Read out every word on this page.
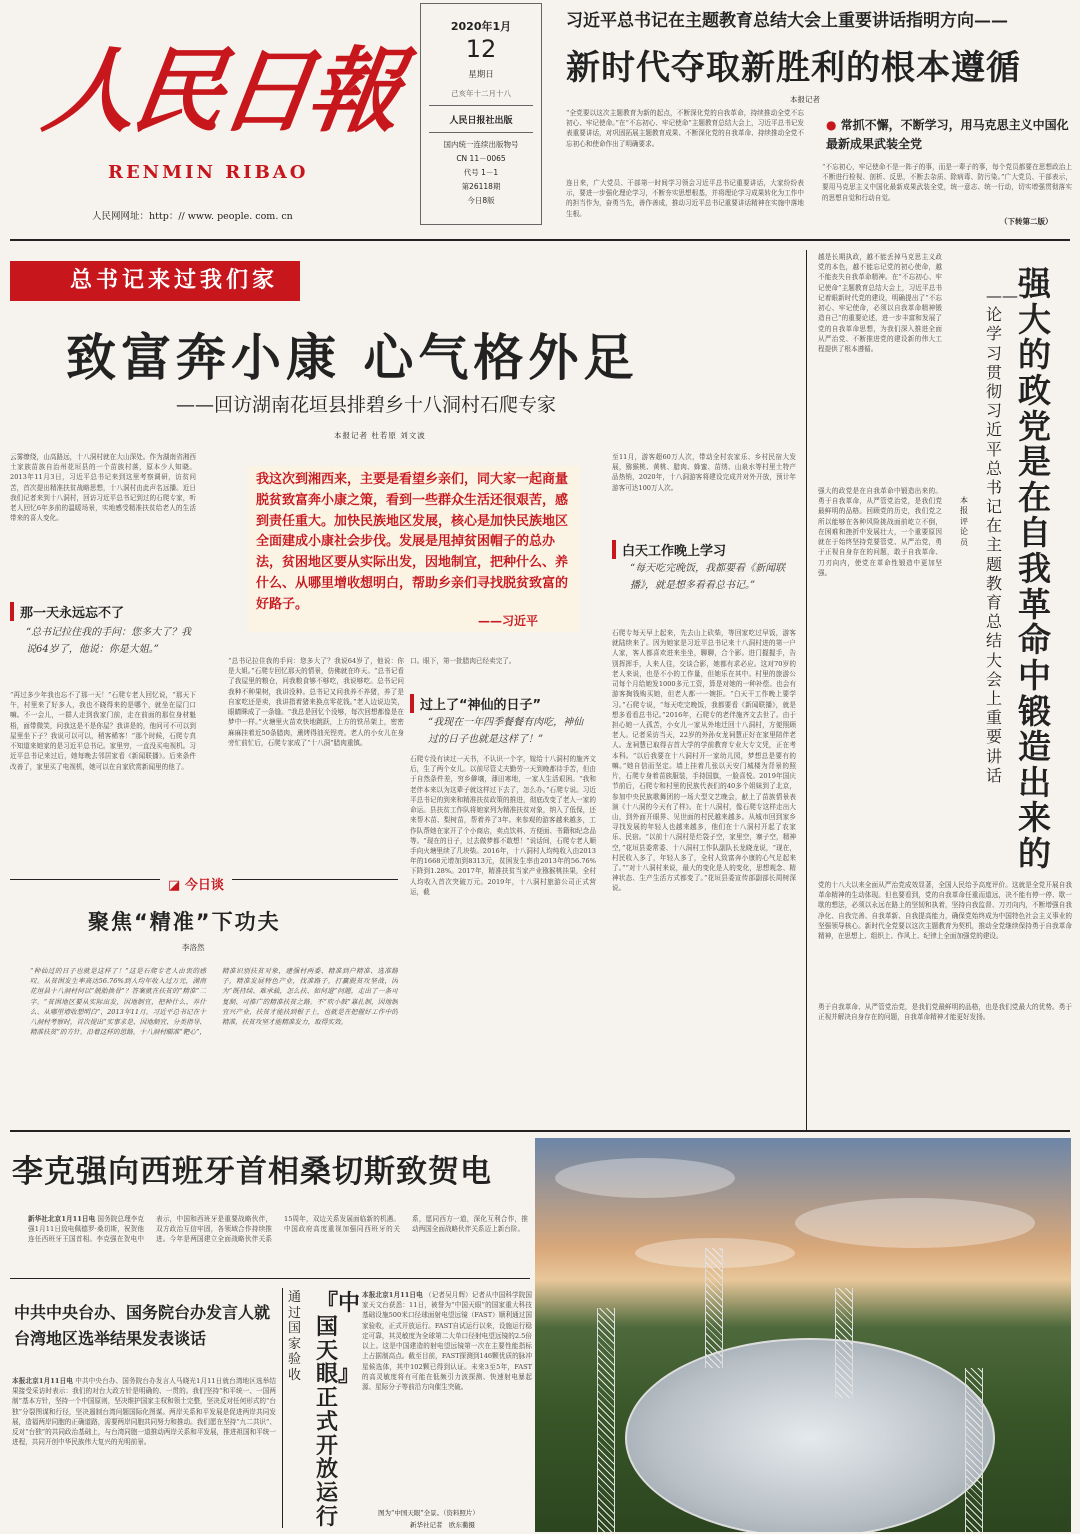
人民日報
RENMIN RIBAO
人民网网址：http：// www. people. com. cn
2020年1月
12
星期日
己亥年十二月十八
人民日报社出版
国内统一连续出版物号
CN 11－0065
代号 1－1
第26118期
今日8版
习近平总书记在主题教育总结大会上重要讲话指明方向——
新时代夺取新胜利的根本遵循
本报记者
“全党要以这次主题教育为新的起点，不断深化党的自我革命，持续推动全党不忘初心、牢记使命。”在“不忘初心、牢记使命”主题教育总结大会上，习近平总书记发表重要讲话，对巩固拓展主题教育成果、不断深化党的自我革命、持续推动全党不忘初心和使命作出了明确要求。
连日来，广大党员、干部第一时间学习领会习近平总书记重要讲话，大家纷纷表示，要进一步强化理论学习，不断夯实思想根基，并将理论学习成果转化为工作中的担当作为，奋勇当先，善作善成，推动习近平总书记重要讲话精神在实施中落地生根。
● 常抓不懈，不断学习，用马克思主义中国化最新成果武装全党
“不忘初心，牢记使命不是一阵子的事，而是一辈子的事，每个党员都要在思想政治上不断进行检视、剖析、反思，不断去杂质、除病毒、防污染。”广大党员、干部表示，要用马克思主义中国化最新成果武装全党，统一意志、统一行动，切实增强贯彻落实的思想自觉和行动自觉。
（下转第二版）
总书记来过我们家
致富奔小康 心气格外足
——回访湖南花垣县排碧乡十八洞村石爬专家
本报记者 杜若原 刘文波
云雾缭绕，山高路远，十八洞村就在大山深处。作为湖南省湘西土家族苗族自治州花垣县的一个苗族村落，原本少人知晓。2013年11月3日，习近平总书记来到这里考察调研，访贫问苦，首次提出精准扶贫战略思想，十八洞村由此声名远播。近日我们记者来到十八洞村，回访习近平总书记到过的石爬专家，听老人回忆6年多前的温暖场景，实地感受精准扶贫给老人的生活带来的喜人变化。
那一天永远忘不了
“总书记拉住我的手问：您多大了？我说64岁了，他说：你是大姐。”
“再过多少年我也忘不了那一天！”石爬专老人回忆说，“那天下午，村里来了好多人，我也不晓得来的是哪个，就坐在屋门口嘛。不一会儿，一群人走到我家门前，走在前面的那位身材魁梧，面带微笑，问我这是不是你屋？我讲是的，他问可不可以到屋里坐下子？我说可以可以，稍客稀客！”那个时候，石爬专真不知道来她家的是习近平总书记。家里穷，一直没买电视机。习近平总书记来过后，她每晚去邻居家看《新闻联播》。后来条件改善了，家里买了电视机，她可以在自家欣赏新闻里的他了。
我这次到湘西来，主要是看望乡亲们，同大家一起商量脱贫致富奔小康之策，看到一些群众生活还很艰苦，感到责任重大。加快民族地区发展，核心是加快民族地区全面建成小康社会步伐。发展是甩掉贫困帽子的总办法，贫困地区要从实际出发，因地制宜，把种什么、养什么、从哪里增收想明白，帮助乡亲们寻找脱贫致富的好路子。
——习近平
“总书记拉住我的手问：您多大了？我说64岁了，他说：你是大姐。”石爬专回忆那天的情景，仿佛就在昨天。“总书记看了我屋里的粮仓，问我粮食够不够吃，我说够吃。总书记问我种不种果树，我讲没种。总书记又问我养不养猪，养了是自家吃还是卖，我讲指着猪来换点零花钱。”老人边说边笑，眼睛眯成了一条缝。“我总是回忆个没够，每次回想都像是在梦中一样。”火塘里火苗欢快地跳跃，上方的铁吊架上，密密麻麻挂着近50条腊肉，熏烤得油光锃亮。老人的小女儿在身旁忙前忙后，石爬专家成了“十八洞”腊肉重镇。
口。眼下，第一批腊肉已经卖完了。
过上了“神仙的日子”
“我现在一年四季餐餐有肉吃，神仙过的日子也就是这样了！”
石爬专没有读过一天书，不认识一个字，嫁给十八洞村的施齐文后，生了两个女儿。以前尽管丈夫勤劳一天到晚都待手苦，但由于自然条件差，穷乡僻壤，薄田寒地，一家人生活艰困。“我和老伴本来以为这辈子就这样过下去了，怎么办。”石爬专说。习近平总书记的到来和精准扶贫政策的推进，彻底改变了老人一家的命运。县扶贫工作队将她家列为精准扶贫对象，纳入了低保，还来帮木苗、梨树苗，帮着养了3年。来参观的游客越来越多，工作队帮她在家开了个小商店，卖点饮料、方便面、书籍和纪念品等。“现在的日子，过去做梦都不敢想！”说话间，石爬专老人顺手向火塘里续了几块柴。2016年，十八洞村人均纯收入由2013年的1668元增加到8313元，贫困发生率由2013年的56.76%下降到1.28%。2017年，精准扶贫当家产业猕猴桃挂果，全村人均收入首次突破万元。2019年，十八洞村旅游公司正式营运，截
至11月，游客超60万人次，带动全村农家乐、乡村民宿大发展，猕猴桃、黄桃、腊肉、蜂蜜、苗绣、山泉水等村里土特产品热销，2020年，十八洞游客将建设完成并对外开放，预计年游客可达100万人次。
白天工作晚上学习
“每天吃完晚饭，我都要看《新闻联播》，就是想多看看总书记。”
石爬专每天早上起来，先去山上砍柴，等回家吃过早饭，游客就陆续来了。因为她家是习近平总书记来十八洞村进的第一户人家，客人都喜欢进来坐坐，聊聊，合个影。进门握握手，告别挥挥手，人来人往，交谈合影，她都有求必应。这对70岁的老人来说，也是不小的工作量，但她乐在其中。村里的旅游公司每个月给她发1000多元工资，算是对她的一种补偿。也会有游客掏钱购买她，但老人都一一婉拒。“白天干工作晚上要学习。”石爬专说，“每天吃完晚饭，我都要看《新闻联播》，就是想多看看总书记。”2016年，石爬专的老伴施齐文去世了。由于担心她一人孤苦，小女儿一家从外地迁回十八洞村，方便照顾老人。记者采访当天，22岁的外孙女龙祠慧正好在家里陪伴老人。龙祠慧已取得吉首大学的学前教育专业大专文凭，正在考本科。“以后我要在十八洞村开一家幼儿园，梦想总是要有的嘛。”她自信而坚定。墙上挂着几张以天安门城楼为背景的照片，石爬专身着苗族服装，手持国旗，一脸喜悦。2019年国庆节前后，石爬专和村里的民族代表们的40多个姐妹到了北京，参加中央民族歌舞团的一场大型文艺晚会，献上了苗族情景表演《十八洞的今天有了样》。在十八洞村，像石爬专这样走出大山，到外面开眼界、见世面的村民越来越多。从城市回到家乡寻找发展的年轻人也越来越多，他们在十八洞村开起了农家乐、民宿。“以前十八洞村是烂袋子空，家里空，寨子空，精神空，”花垣县委常委、十八洞村工作队副队长龙晓龙说，“现在，村民收入多了，年轻人多了，全村人致富奔小康的心气足起来了。”“对十八洞村来说，最大的变化是人的变化，思想观念、精神状态、生产生活方式都变了。”花垣县委宣传部副部长周树深说。
◪ 今日谈
聚焦“精准”下功夫
李洛然
“种仙过的日子也就是这样了！”这是石爬专老人由衷的感叹。从贫困发生率高达56.76%到人均年收入过万元，湖南花垣县十八洞村何以“脱胎换骨”？答案就在扶贫的“精准”二字。“贫困地区要从实际出发，因地制宜，把种什么、养什么、从哪里增收想明白”，2013年11月，习近平总书记在十八洞村考察时，首次提出“实事求是、因地制宜、分类指导、精准扶贫”的方针。沿着这样的思路，十八洞村瞄准“靶心”，精准识别扶贫对象，建强村两委、精准到户精准、选准路子，精准发展特色产业，找准路子，打赢脱贫攻坚战，因为“既持续、难承载，怎么扶、如何退”问题，走出了一条可复制、可推广的精准扶贫之路。不“吹小鼓”靠扎制，因地制宜兴产业，扶贫才能扶到根子上，也就是在把握好工作中的精准，扶贫攻坚才能精准发力，取得实效。
越是长期执政，越不能丢掉马克思主义政党的本色，越不能忘记党的初心使命，越不能丧失自我革命精神。在“不忘初心、牢记使命”主题教育总结大会上，习近平总书记着眼新时代党的建设，明确提出了“不忘初心、牢记使命，必须以自我革命精神锻造自己”的重要论述，进一步丰富和发展了党的自我革命思想，为我们深入推进全面从严治党、不断推进党的建设新的伟大工程提供了根本遵循。
强大的政党是在自我革命中锻造出来的。勇于自我革命，从严管党治党，是我们党最鲜明的品格。回顾党的历史，我们党之所以能够在各种风险挑战面前屹立不倒，在困难和挫折中发展壮大，一个重要原因就在于始终坚持党要管党、从严治党，勇于正视自身存在的问题，敢于自我革命、刀刃向内，使党在革命性锻造中更加坚强。
强大的政党是在自我革命中锻造出来的
——论学习贯彻习近平总书记在主题教育总结大会上重要讲话
本报评论员
党的十八大以来全面从严治党成效显著，全国人民给予高度评价。这就是全党开展自我革命精神的生动体现。但也要看到，党的自我革命任重而道远，决不能有停一停、歇一歇的想法，必须以永远在路上的坚韧和执着，坚持自我监督、刀刃向内，不断增强自我净化、自我完善、自我革新、自我提高能力，确保党始终成为中国特色社会主义事业的坚强领导核心。新时代全党要以这次主题教育为契机，推动全党继续保持勇于自我革命精神，在思想上、组织上、作风上、纪律上全面加强党的建设。
勇于自我革命、从严管党治党，是我们党最鲜明的品格，也是我们党最大的优势。勇于正视并解决自身存在的问题，自我革命精神才能更好发扬。
李克强向西班牙首相桑切斯致贺电
新华社北京1月11日电 国务院总理李克强1月11日致电佩德罗·桑切斯，祝贺他连任西班牙王国首相。李克强在贺电中表示，中国和西班牙是重要战略伙伴，双方政治互信牢固，各领域合作持续推进。今年是两国建立全面战略伙伴关系15周年，双边关系发展面临新的机遇。中国政府高度重视加强同西班牙的关系，愿同西方一道，深化互利合作，推动两国全面战略伙伴关系迈上新台阶。
中共中央台办、国务院台办发言人就台湾地区选举结果发表谈话
本报北京1月11日电 中共中央台办、国务院台办发言人马晓光1月11日就台湾地区选举结果接受采访时表示：我们的对台大政方针是明确的、一贯的。我们坚持“和平统一、一国两制”基本方针，坚持一个中国原则，坚决维护国家主权和领土完整，坚决反对任何形式的“台独”分裂图谋和行径，坚决遏制台湾问题国际化图谋。两岸关系和平发展是促进两岸共同发展，造福两岸同胞的正确道路，需要两岸同胞共同努力和推动。我们愿在坚持“九二共识”、反对“台独”的共同政治基础上，与台湾同胞一道推动两岸关系和平发展，推进祖国和平统一进程，共同开创中华民族伟大复兴的光明前景。
通过国家验收
『中国天眼』正式开放运行
本报北京1月11日电 （记者吴月辉）记者从中国科学院国家天文台获悉：11日，被誉为“中国天眼”的国家重大科技基础设施500米口径球面射电望远镜（FAST）顺利通过国家验收，正式开放运行。FAST自试运行以来，设施运行稳定可靠，其灵敏度为全球第二大单口径射电望远镜的2.5倍以上。这是中国建造的射电望远镜第一次在主要性能指标上占据制高点。截至目前，FAST探测到146颗优质的脉冲星候选体，其中102颗已得到认证。未来3至5年，FAST的高灵敏度将有可能在低频引力波探测、快速射电暴起源、星际分子等前沿方向催生突破。
图为“中国天眼”全景。（资料照片）
新华社记者　欧东衢摄
